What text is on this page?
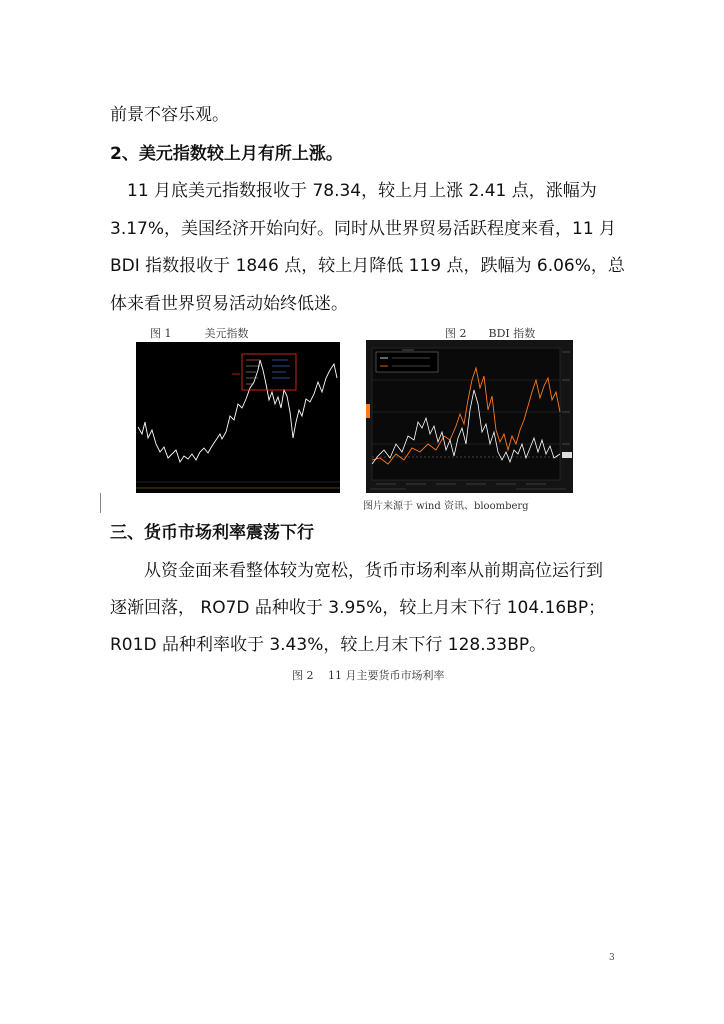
前景不容乐观。
2、美元指数较上月有所上涨。
　11 月底美元指数报收于 78.34，较上月上涨 2.41 点，涨幅为
3.17%，美国经济开始向好。同时从世界贸易活跃程度来看，11 月
BDI 指数报收于 1846 点，较上月降低 119 点，跌幅为 6.06%，总
体来看世界贸易活动始终低迷。
图 1　　　美元指数	图 2　　BDI 指数
图片来源于 wind 资讯、bloomberg
三、货币市场利率震荡下行
　　从资金面来看整体较为宽松，货币市场利率从前期高位运行到
逐渐回落， RO7D 品种收于 3.95%，较上月末下行 104.16BP；
R01D 品种利率收于 3.43%，较上月末下行 128.33BP。
图 2　 11 月主要货币市场利率
3
